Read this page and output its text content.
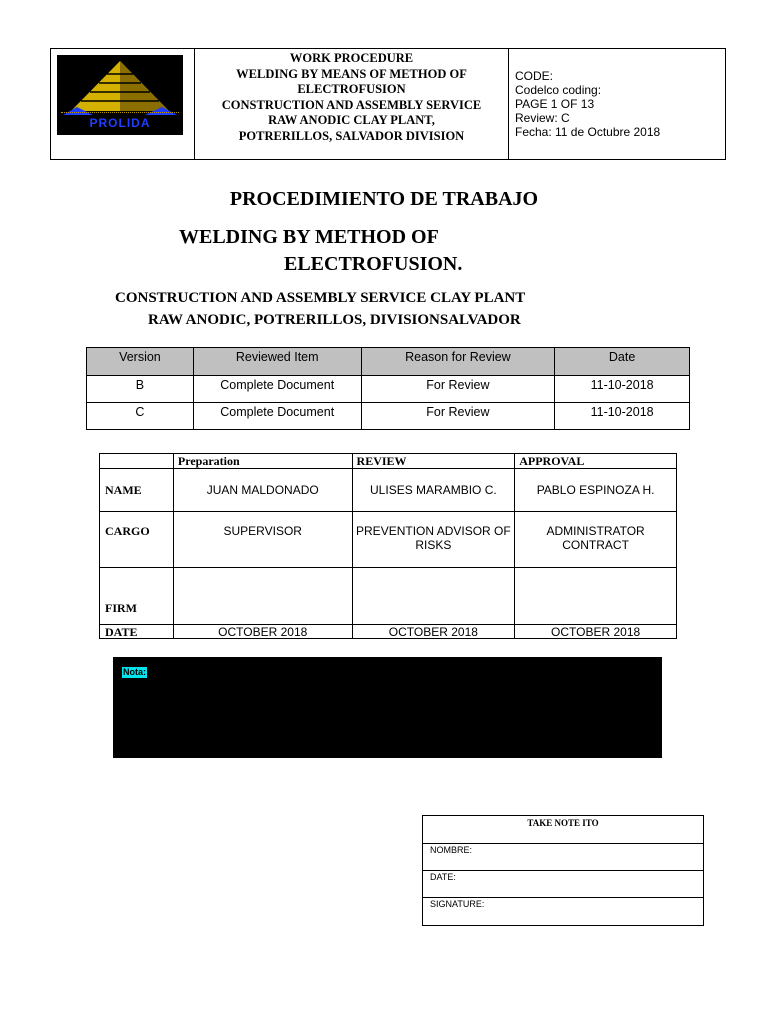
PROLIDA
WORK PROCEDURE
WELDING BY MEANS OF METHOD OF
ELECTROFUSION
CONSTRUCTION AND ASSEMBLY SERVICE
RAW ANODIC CLAY PLANT,
POTRERILLOS, SALVADOR DIVISION
CODE:
Codelco coding:
PAGE 1 OF 13
Review: C
Fecha: 11 de Octubre 2018
PROCEDIMIENTO DE TRABAJO
WELDING BY METHOD OF
ELECTROFUSION.
CONSTRUCTION AND ASSEMBLY SERVICE CLAY PLANT
RAW ANODIC, POTRERILLOS, DIVISIONSALVADOR
Version	Reviewed Item	Reason for Review	Date
B	Complete Document	For Review	11-10-2018
C	Complete Document	For Review	11-10-2018
	Preparation	REVIEW	APPROVAL
NAME	JUAN MALDONADO	ULISES MARAMBIO C.	PABLO ESPINOZA H.
CARGO	SUPERVISOR	PREVENTION ADVISOR OF RISKS	ADMINISTRATOR CONTRACT
FIRM			
DATE	OCTOBER 2018	OCTOBER 2018	OCTOBER 2018
Nota:
TAKE NOTE ITO
NOMBRE:
DATE:
SIGNATURE:
